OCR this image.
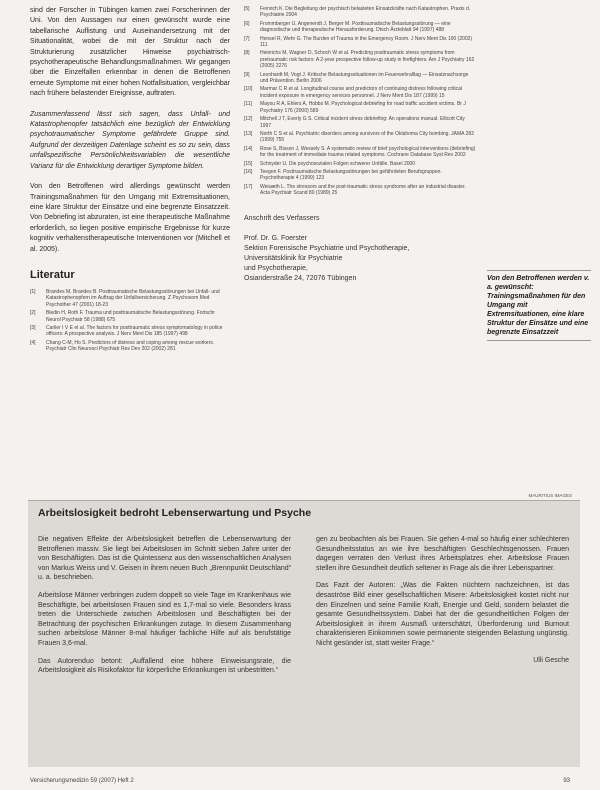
sind der Forscher in Tübingen kamen zwei Forscherinnen der Uni. Von den Aussagen nur einen gewünscht wurde eine tabellarische Auflistung und Auseinandersetzung mit der Situationalität, wobei die mit der Struktur nach der Strukturierung zusätzlicher Hinweise psychiatrisch-psychotherapeutische Behandlungsmaßnahmen. Wir gegangen über die Einzelfallen erkennbar in denen die Betroffenen erneute Symptome mit einer hohen Notfallsituation, vergleichbar nach frühere belastender Ereignisse, auftraten.

Zusammenfassend lässt sich sagen, dass Unfall- und Katastrophenopfer tatsächlich eine bezüglich der Entwicklung psychotraumatischer Symptome gefährdete Gruppe sind. Aufgrund der derzeitigen Datenlage scheint es so zu sein, dass unfallspezifische Persönlichkeitsvariablen die wesentliche Varianz für die Entwicklung derartiger Symptome bilden.

Von den Betroffenen wird allerdings gewünscht werden Trainingsmaßnahmen für den Umgang mit Extremsituationen, eine klare Struktur der Einsätze und eine begrenzte Einsatzzeit. Von Debriefing ist abzuraten, ist eine therapeutische Maßnahme erforderlich, so liegen positive empirische Ergebnisse für kurze kognitiv verhaltenstherapeutische Interventionen vor (Mitchell et al. 2005).

Literatur
[1]	Brandes M, Brandes B. Posttraumatische Belastungsstörungen bei Unfall- und Katastrophenopfern im Auftrag der Unfallversicherung. Z Psychosom Med Psychother 47 (2001) 18-23
[2]	Bledin H, Roth F. Trauma und posttraumatische Belastungsstörung. Fortschr Neurol Psychiatr 58 (1988) 675
[3]	Carlier I V E et al. The factors for posttraumatic stress symptomatology in police officers: A prospective analysis. J Nerv Ment Dis 185 (1997) 498
[4]	Chang C-M, Ho S. Predictors of distress and coping among rescue workers. Psychiatr Clin Neurosci Psychiatr Res Dev 202 (2002) 281
[5]	Feinrich K. Die Begleitung der psychisch belasteten Einsatzkräfte nach Katastrophen. Praxis d. Psychiatrie 2004
[6]	Frommberger U, Angenendt J, Berger M. Posttraumatische Belastungsstörung — eine diagnostische und therapeutische Herausforderung. Dtsch Ärzteblatt 94 (1997) 488
[7]	Hensel R, Wehr G. The Burden of Trauma in the Emergency Room. J Nerv Ment Dis 190 (2002) 111
[8]	Heinrichs M, Wagner D, Schoch W et al. Predicting posttraumatic stress symptoms from pretraumatic risk factors: A 2-year prospective follow-up study in firefighters. Am J Psychiatry 162 (2005) 2276
[9]	Leonhardt M, Vogt J. Kritische Belastungssituationen im Feuerwehralltag — Einsatznachsorge und Prävention. Berlin 2006
[10]	Marmar C R et al. Longitudinal course and predictors of continuing distress following critical incident exposure in emergency services personnel. J Nerv Ment Dis 187 (1999) 15
[11]	Mayou R A, Ehlers A, Hobbs M. Psychological debriefing for road traffic accident victims. Br J Psychiatry 176 (2000) 589
[12]	Mitchell J T, Everly G S. Critical incident stress debriefing: An operations manual. Ellicott City 1997
[13]	North C S et al. Psychiatric disorders among survivors of the Oklahoma City bombing. JAMA 282 (1999) 755
[14]	Rose S, Bisson J, Wessely S. A systematic review of brief psychological interventions (debriefing) for the treatment of immediate trauma related symptoms. Cochrane Database Syst Rev 2002
[15]	Schnyder U. Die psychosozialen Folgen schwerer Unfälle. Basel 2000
[16]	Teegen F. Posttraumatische Belastungsstörungen bei gefährdeten Berufsgruppen. Psychotherapie 4 (1999) 123
[17]	Weisæth L. The stressors and the post-traumatic stress syndrome after an industrial disaster. Acta Psychiatr Scand 80 (1989) 25
Anschrift des Verfassers
Prof. Dr. G. Foerster
Sektion Forensische Psychiatrie und Psychotherapie,
Universitätsklinik für Psychiatrie
und Psychotherapie,
Osianderstraße 24, 72076 Tübingen	Von den Betroffenen werden v. a. gewünscht: Trainingsmaßnahmen für den Umgang mit Extremsituationen, eine klare Struktur der Einsätze und eine begrenzte Einsatzzeit
MAURITIUS IMAGES
Arbeitslosigkeit bedroht Lebenserwartung und Psyche

Die negativen Effekte der Arbeitslosigkeit betreffen die Lebenserwartung der Betroffenen massiv. Sie liegt bei Arbeitslosen im Schnitt sieben Jahre unter der von Beschäftigten. Das ist die Quintessenz aus den wissenschaftlichen Analysen von Markus Weiss und V. Geisen in ihrem neuen Buch „Brennpunkt Deutschland“ u. a. beschrieben.

Arbeitslose Männer verbringen zudem doppelt so viele Tage im Krankenhaus wie Beschäftigte, bei arbeitslosen Frauen sind es 1,7-mal so viele. Besonders krass treten die Unterschiede zwischen Arbeitslosen und Beschäftigten bei der Betrachtung der psychischen Erkrankungen zutage. In diesem Zusammenhang suchen arbeitslose Männer 8-mal häufiger fachliche Hilfe auf als berufstätige Frauen 3,6-mal.

Das Autorenduo betont: „Auffallend eine höhere Einweisungsrate, die Arbeitslosigkeit als Risikofaktor für körperliche Erkrankungen ist unbestritten.“

gen zu beobachten als bei Frauen. Sie gehen 4-mal so häufig einer schlechteren Gesundheitsstatus an wie ihre beschäftigten Geschlechtsgenossen. Frauen dagegen verraten den Verlust ihres Arbeitsplatzes eher. Arbeitslose Frauen stellen ihre Gesundheit deutlich seltener in Frage als die ihrer Lebenspartner.

Das Fazit der Autoren: „Was die Fakten nüchtern nachzeichnen, ist das desaströse Bild einer gesellschaftlichen Misere: Arbeitslosigkeit kostet nicht nur den Einzelnen und seine Familie Kraft, Energie und Geld, sondern belastet die gesamte Gesundheitssystem. Dabei hat der die gesundheitlichen Folgen der Arbeitslosigkeit in ihrem Ausmaß unterschätzt, Überforderung und Burnout charakterisieren Einkommen sowie permanente steigenden Belastung ungünstig. Nicht gesünder ist, statt weiter Frage.“

Ulli Gesche
Versicherungsmedizin 59 (2007) Heft 2	93
